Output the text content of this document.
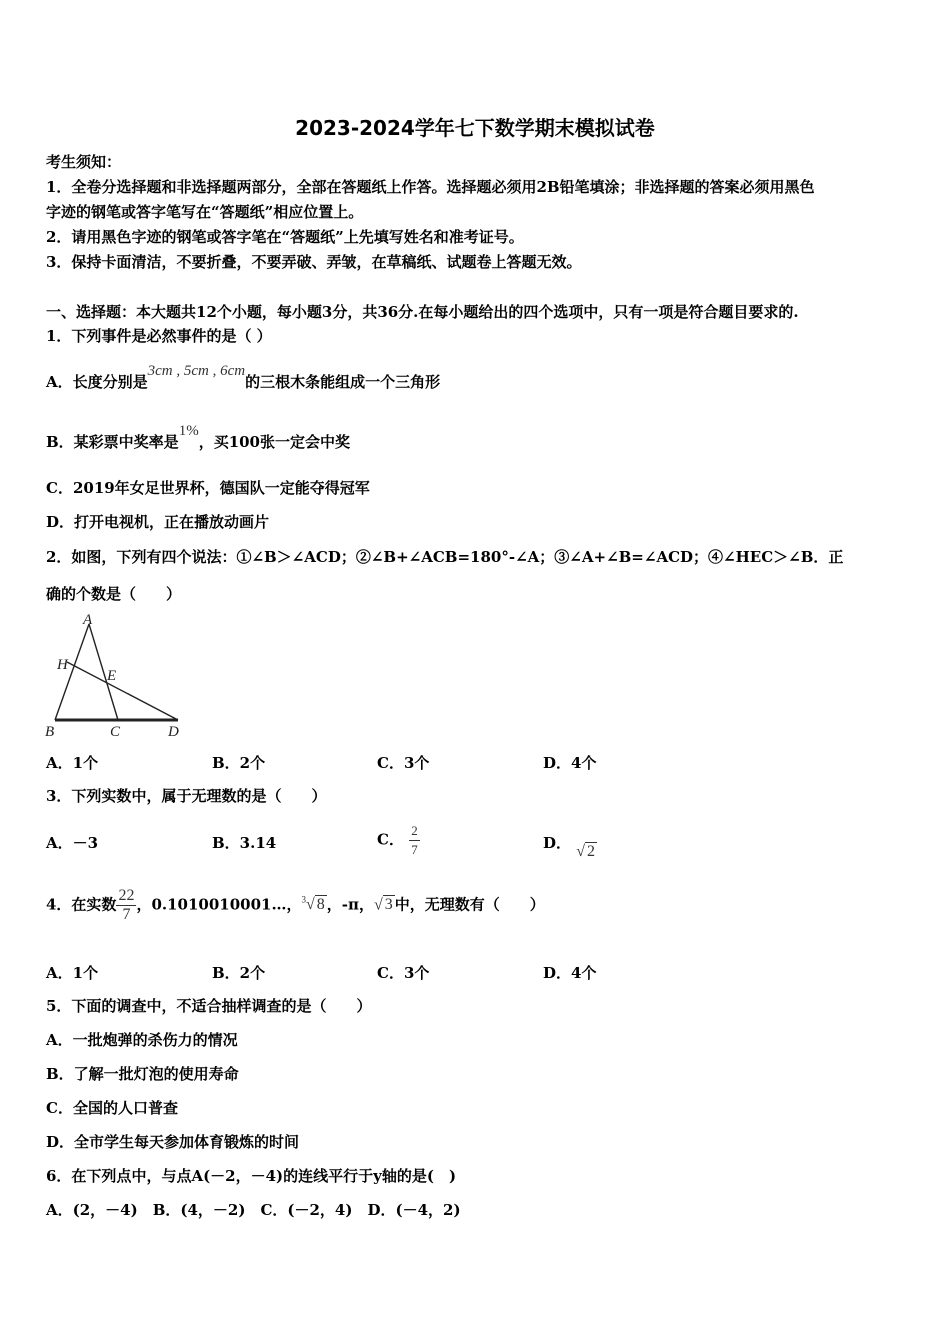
2023-2024学年七下数学期末模拟试卷
考生须知：
1．全卷分选择题和非选择题两部分，全部在答题纸上作答。选择题必须用2B铅笔填涂；非选择题的答案必须用黑色
字迹的钢笔或答字笔写在“答题纸”相应位置上。
2．请用黑色字迹的钢笔或答字笔在“答题纸”上先填写姓名和准考证号。
3．保持卡面清洁，不要折叠，不要弄破、弄皱，在草稿纸、试题卷上答题无效。
一、选择题：本大题共12个小题，每小题3分，共36分.在每小题给出的四个选项中，只有一项是符合题目要求的.
1．下列事件是必然事件的是（ ）
A．长度分别是3cm , 5cm , 6cm的三根木条能组成一个三角形
B．某彩票中奖率是1%，买100张一定会中奖
C．2019年女足世界杯，德国队一定能夺得冠军
D．打开电视机，正在播放动画片
2．如图，下列有四个说法：①∠B＞∠ACD；②∠B+∠ACB=180°-∠A；③∠A+∠B=∠ACD；④∠HEC＞∠B．正
确的个数是（　　）
A
H
E
B	C	D
A．1个	B．2个	C．3个	D．4个
3．下列实数中，属于无理数的是（　　）
A．－3	B．3.14	C． $\frac{2}{7}$	D． √ 2
4．在实数 $\frac{22}{7}$ ，0.1010010001…，$^3$√ 8 ，-π，√ 3 中，无理数有（　　）
A．1个	B．2个	C．3个	D．4个
5．下面的调查中，不适合抽样调查的是（　　）
A．一批炮弹的杀伤力的情况
B．了解一批灯泡的使用寿命
C．全国的人口普查
D．全市学生每天参加体育锻炼的时间
6．在下列点中，与点A(－2，－4)的连线平行于y轴的是(　)
A．(2，－4)　B．(4，－2)　C．(－2，4)　D．(－4，2)
